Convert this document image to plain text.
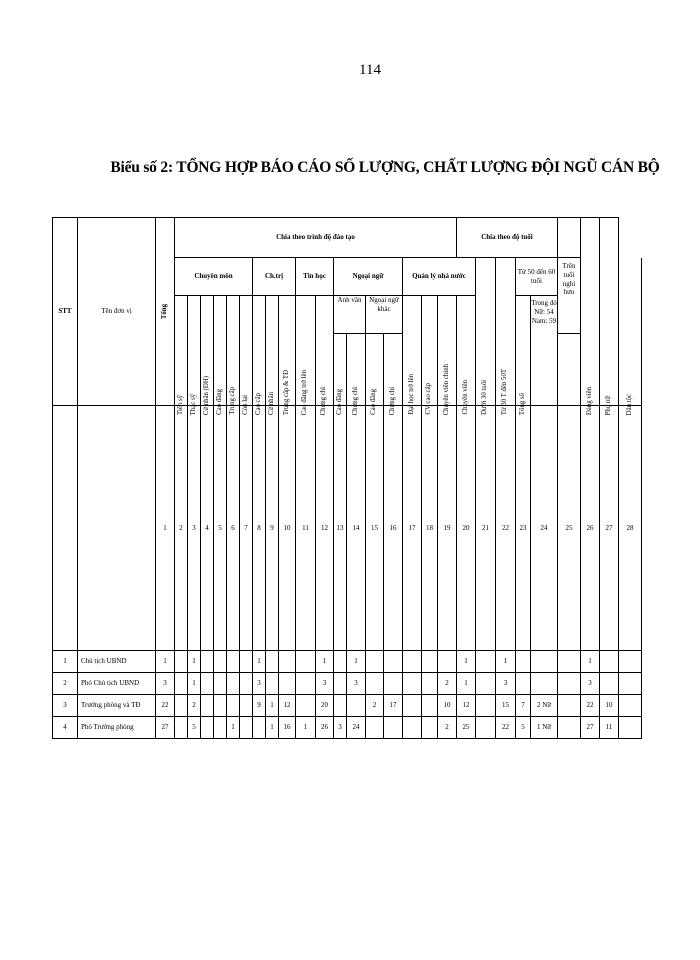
114
Biểu số 2: TỔNG HỢP BÁO CÁO SỐ LƯỢNG, CHẤT LƯỢNG ĐỘI NGŨ CÁN BỘ
STT	Tên đơn vị	Tổng	Chia theo trình độ đào tạo																		Chia theo độ tuổi								
			Chuyên môn						Ch.trị			Tin học		Ngoại ngữ				Quản lý nhà nước						Từ 50 đến 60 tuổi		Trên tuổi nghỉ hưu			
														Anh văn		Ngoại ngữ khác									Trong đó Nữ: 54 Nam: 59				

		1	2	3	4	5	6	7	8	9	10	11	12	13	14	15	16	17	18	19	20	21	22	23	24	25	26	27	28
1	Chủ tịch UBND	1		1					1				1		1						1		1				1		
2	Phó Chủ tịch UBND	3		1					3				3		3					2	1		3				3		
3	Trưởng phòng và TĐ	22		2					9	1	12		20			2	17			10	12		15	7	2 Nữ		22	10	
4	Phó Trưởng phòng	27		5			1			1	16	1	26	3	24					2	25		22	5	1 Nữ		27	11	
Tiến sỹ Thạc sỹ Cử nhân (ĐH) Cao đẳng Trung cấp Còn lại Cao cấp Cử nhân Trung cấp & TĐ Cao đẳng trở lên Chứng chỉ Cao đẳng Chứng chỉ Cao đẳng Chứng chỉ Đại học trở lên CV cao cấp Chuyên viên chính Chuyên viên Dưới 30 tuổi Từ 30 T đến 50T Tổng số	Đảng viên Phụ nữ Dân tộc
